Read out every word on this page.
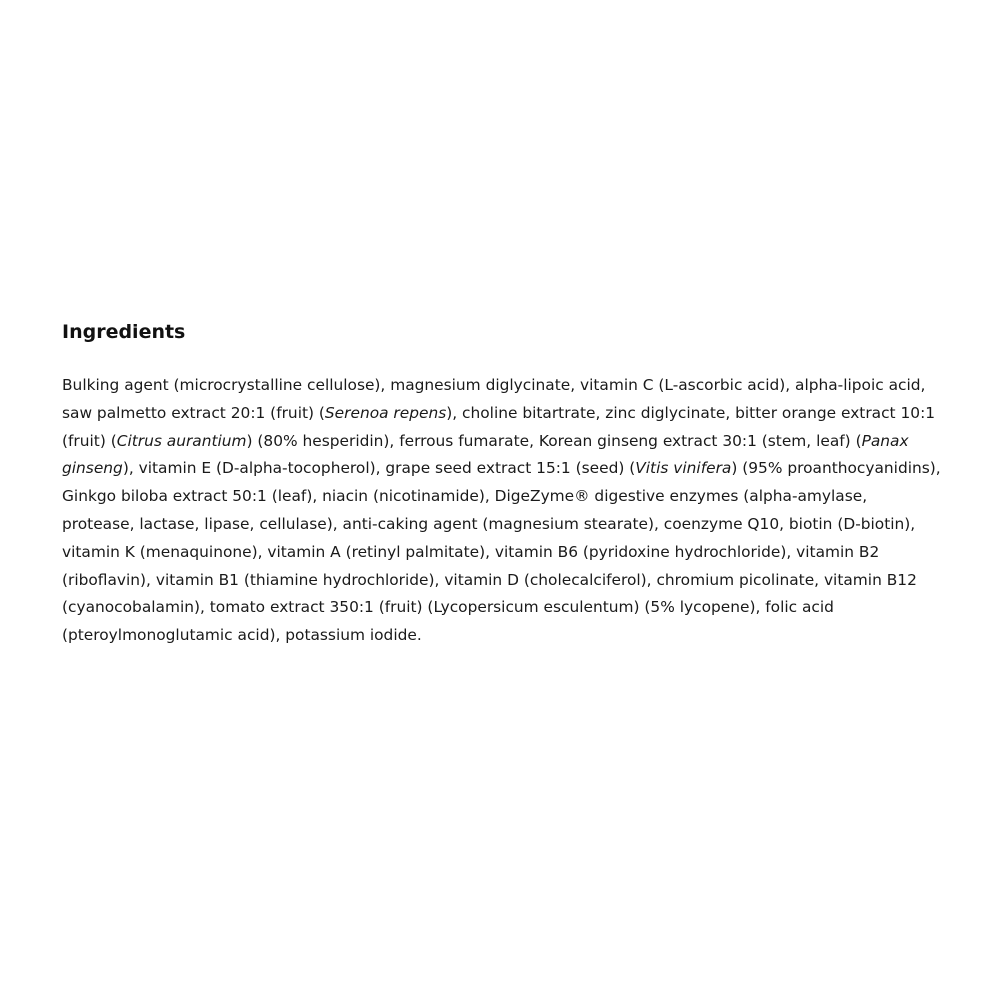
Ingredients

Bulking agent (microcrystalline cellulose), magnesium diglycinate, vitamin C (L-ascorbic acid), alpha-lipoic acid, saw palmetto extract 20:1 (fruit) (Serenoa repens), choline bitartrate, zinc diglycinate, bitter orange extract 10:1 (fruit) (Citrus aurantium) (80% hesperidin), ferrous fumarate, Korean ginseng extract 30:1 (stem, leaf) (Panax ginseng), vitamin E (D-alpha-tocopherol), grape seed extract 15:1 (seed) (Vitis vinifera) (95% proanthocyanidins), Ginkgo biloba extract 50:1 (leaf), niacin (nicotinamide), DigeZyme® digestive enzymes (alpha-amylase, protease, lactase, lipase, cellulase), anti-caking agent (magnesium stearate), coenzyme Q10, biotin (D-biotin), vitamin K (menaquinone), vitamin A (retinyl palmitate), vitamin B6 (pyridoxine hydrochloride), vitamin B2 (riboflavin), vitamin B1 (thiamine hydrochloride), vitamin D (cholecalciferol), chromium picolinate, vitamin B12 (cyanocobalamin), tomato extract 350:1 (fruit) (Lycopersicum esculentum) (5% lycopene), folic acid (pteroylmonoglutamic acid), potassium iodide.
